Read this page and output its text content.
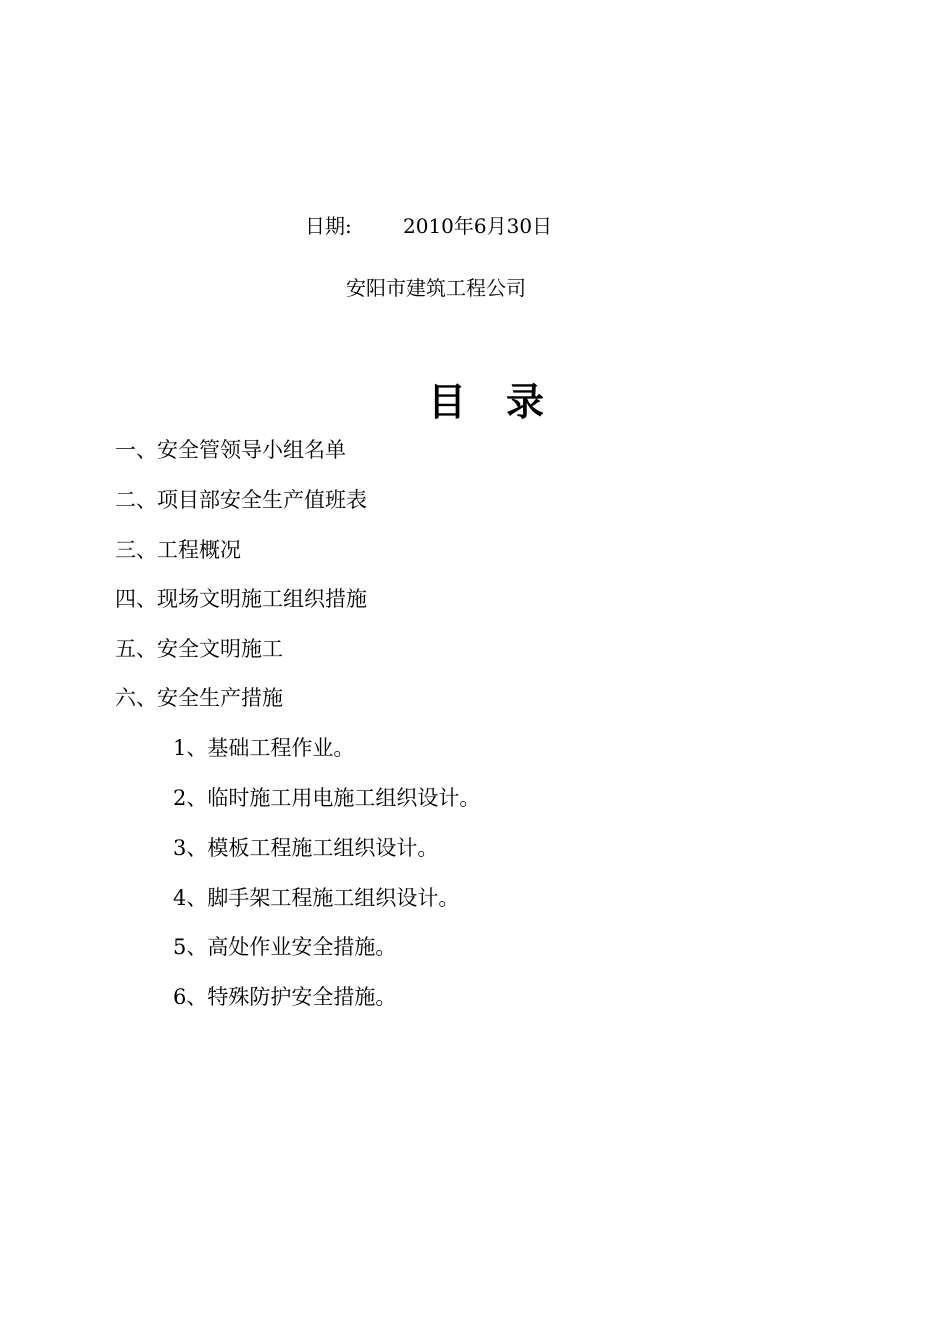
日期:	2010年6月30日
安阳市建筑工程公司
目录
一、安全管领导小组名单
二、项目部安全生产值班表
三、工程概况
四、现场文明施工组织措施
五、安全文明施工
六、安全生产措施
1、基础工程作业。
2、临时施工用电施工组织设计。
3、模板工程施工组织设计。
4、脚手架工程施工组织设计。
5、高处作业安全措施。
6、特殊防护安全措施。
